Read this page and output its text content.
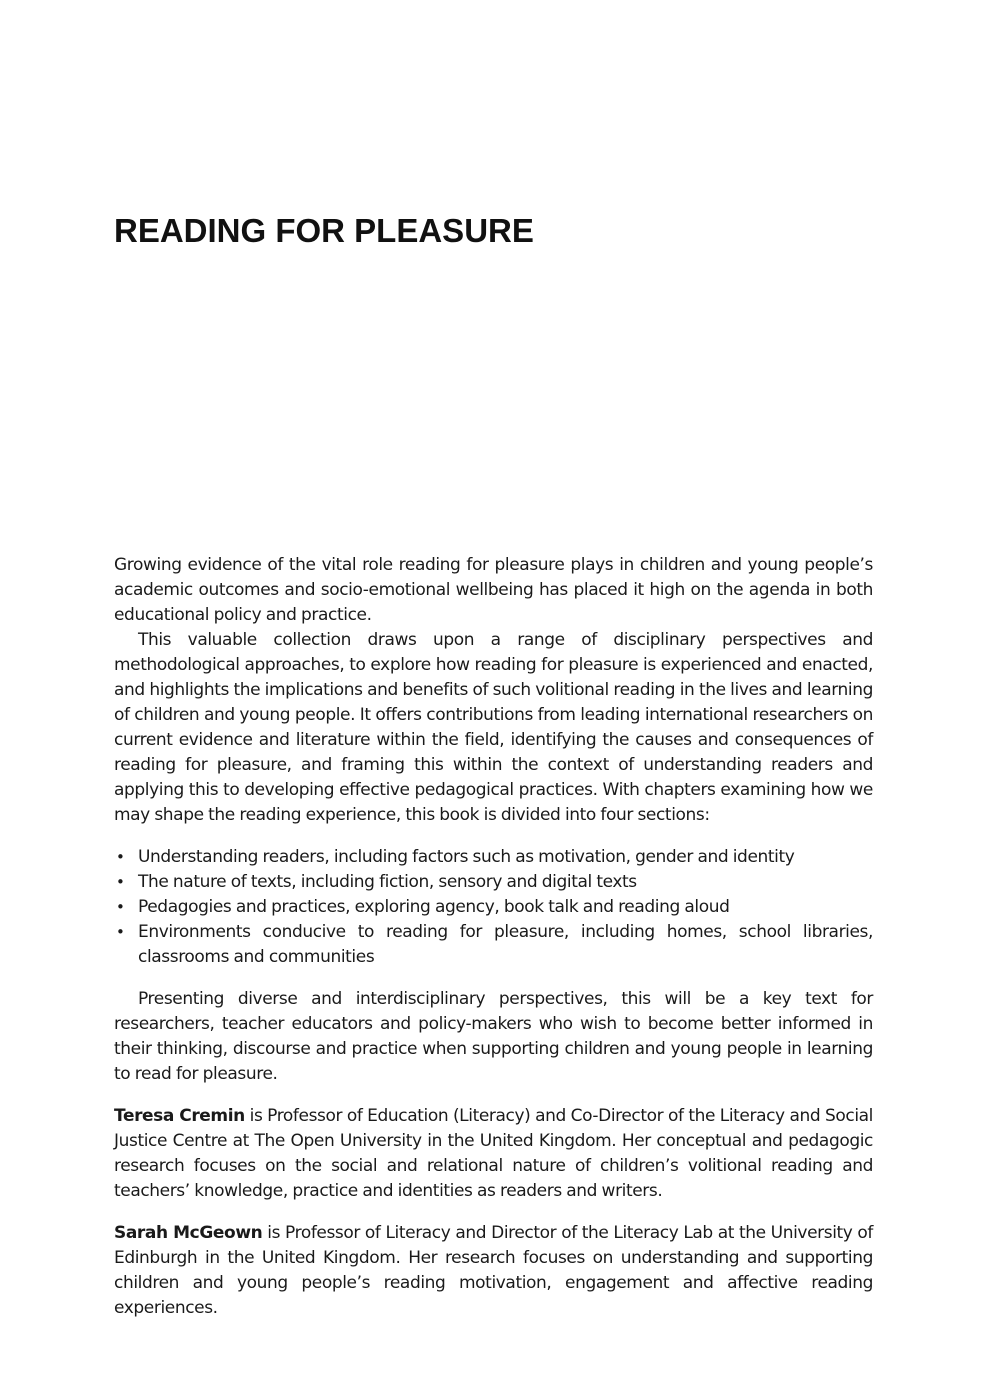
READING FOR PLEASURE

Growing evidence of the vital role reading for pleasure plays in children and young people’s academic outcomes and socio-emotional wellbeing has placed it high on the agenda in both educational policy and practice.

This valuable collection draws upon a range of disciplinary perspectives and methodological approaches, to explore how reading for pleasure is experienced and enacted, and highlights the implications and benefits of such volitional reading in the lives and learning of children and young people. It offers contributions from leading international researchers on current evidence and literature within the field, identifying the causes and consequences of reading for pleasure, and framing this within the context of understanding readers and applying this to developing effective pedagogical practices. With chapters examining how we may shape the reading experience, this book is divided into four sections:

• Understanding readers, including factors such as motivation, gender and identity
• The nature of texts, including fiction, sensory and digital texts
• Pedagogies and practices, exploring agency, book talk and reading aloud
• Environments conducive to reading for pleasure, including homes, school libraries, classrooms and communities

Presenting diverse and interdisciplinary perspectives, this will be a key text for researchers, teacher educators and policy-makers who wish to become better informed in their thinking, discourse and practice when supporting children and young people in learning to read for pleasure.

Teresa Cremin is Professor of Education (Literacy) and Co-Director of the Literacy and Social Justice Centre at The Open University in the United Kingdom. Her conceptual and pedagogic research focuses on the social and relational nature of children’s volitional reading and teachers’ knowledge, practice and identities as readers and writers.

Sarah McGeown is Professor of Literacy and Director of the Literacy Lab at the University of Edinburgh in the United Kingdom. Her research focuses on understanding and supporting children and young people’s reading motivation, engagement and affective reading experiences.
